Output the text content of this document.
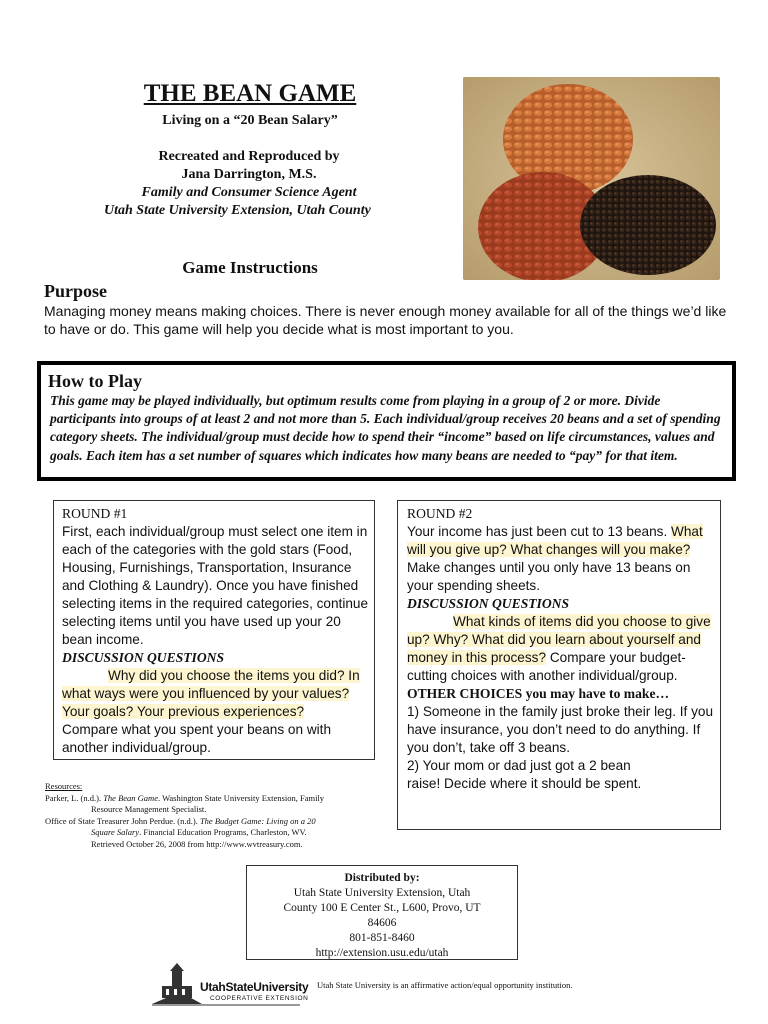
THE BEAN GAME
Living on a “20 Bean Salary”
Recreated and Reproduced by
Jana Darrington, M.S.
Family and Consumer Science Agent
Utah State University Extension, Utah County
Game Instructions
Purpose
Managing money means making choices. There is never enough money available for all of the things we’d like to have or do. This game will help you decide what is most important to you.
How to Play
This game may be played individually, but optimum results come from playing in a group of 2 or more. Divide participants into groups of at least 2 and not more than 5. Each individual/group receives 20 beans and a set of spending category sheets. The individual/group must decide how to spend their “income” based on life circumstances, values and goals. Each item has a set number of squares which indicates how many beans are needed to “pay” for that item.
ROUND #1
First, each individual/group must select one item in each of the categories with the gold stars (Food, Housing, Furnishings, Transportation, Insurance and Clothing & Laundry). Once you have finished selecting items in the required categories, continue selecting items until you have used up your 20 bean income.
DISCUSSION QUESTIONS
Why did you choose the items you did? In what ways were you influenced by your values? Your goals? Your previous experiences?
Compare what you spent your beans on with another individual/group.
ROUND #2
Your income has just been cut to 13 beans. What will you give up? What changes will you make? Make changes until you only have 13 beans on your spending sheets.
DISCUSSION QUESTIONS
What kinds of items did you choose to give up? Why? What did you learn about yourself and money in this process? Compare your budget-cutting choices with another individual/group.
OTHER CHOICES you may have to make…
1) Someone in the family just broke their leg. If you have insurance, you don’t need to do anything. If you don’t, take off 3 beans.
2) Your mom or dad just got a 2 bean raise! Decide where it should be spent.
Resources:
Parker, L. (n.d.). The Bean Game. Washington State University Extension, Family
Resource Management Specialist.
Office of State Treasurer John Perdue. (n.d.). The Budget Game: Living on a 20
Square Salary. Financial Education Programs, Charleston, WV.
Retrieved October 26, 2008 from http://www.wvtreasury.com.
Distributed by:
Utah State University Extension, Utah
County 100 E Center St., L600, Provo, UT
84606
801-851-8460
http://extension.usu.edu/utah
UtahStateUniversity
COOPERATIVE EXTENSION
Utah State University is an affirmative action/equal opportunity institution.
